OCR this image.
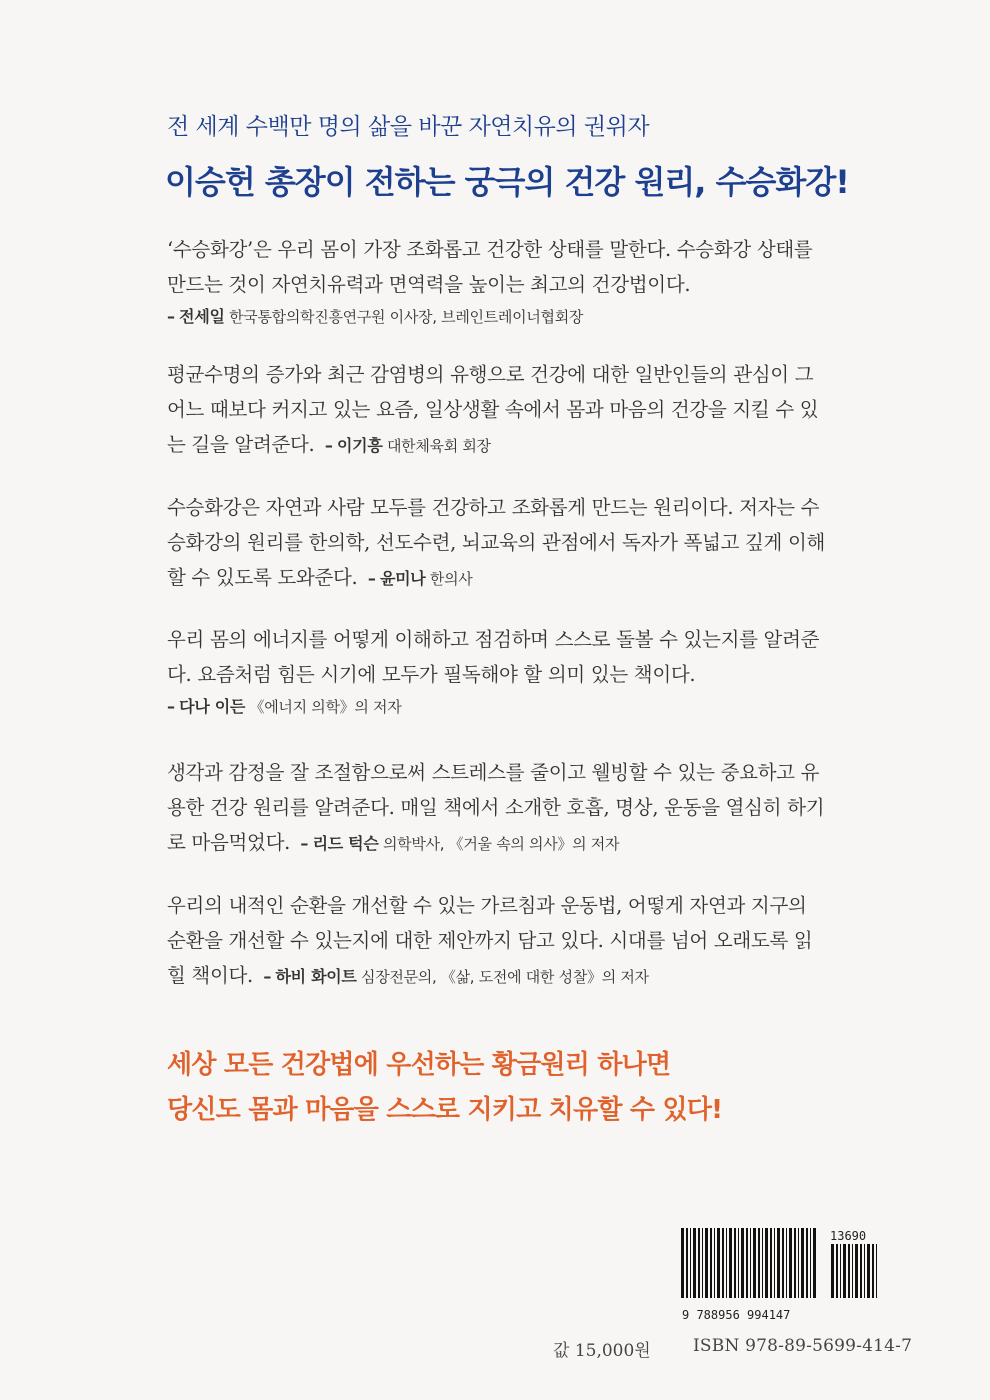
전 세계 수백만 명의 삶을 바꾼 자연치유의 권위자
이승헌 총장이 전하는 궁극의 건강 원리, 수승화강!
‘수승화강’은 우리 몸이 가장 조화롭고 건강한 상태를 말한다. 수승화강 상태를
만드는 것이 자연치유력과 면역력을 높이는 최고의 건강법이다.
– 전세일 한국통합의학진흥연구원 이사장, 브레인트레이너협회장
평균수명의 증가와 최근 감염병의 유행으로 건강에 대한 일반인들의 관심이 그
어느 때보다 커지고 있는 요즘, 일상생활 속에서 몸과 마음의 건강을 지킬 수 있
는 길을 알려준다. – 이기흥 대한체육회 회장
수승화강은 자연과 사람 모두를 건강하고 조화롭게 만드는 원리이다. 저자는 수
승화강의 원리를 한의학, 선도수련, 뇌교육의 관점에서 독자가 폭넓고 깊게 이해
할 수 있도록 도와준다. – 윤미나 한의사
우리 몸의 에너지를 어떻게 이해하고 점검하며 스스로 돌볼 수 있는지를 알려준
다. 요즘처럼 힘든 시기에 모두가 필독해야 할 의미 있는 책이다.
– 다나 이든 《에너지 의학》의 저자
생각과 감정을 잘 조절함으로써 스트레스를 줄이고 웰빙할 수 있는 중요하고 유
용한 건강 원리를 알려준다. 매일 책에서 소개한 호흡, 명상, 운동을 열심히 하기
로 마음먹었다. – 리드 턱슨 의학박사, 《거울 속의 의사》의 저자
우리의 내적인 순환을 개선할 수 있는 가르침과 운동법, 어떻게 자연과 지구의
순환을 개선할 수 있는지에 대한 제안까지 담고 있다. 시대를 넘어 오래도록 읽
힐 책이다. – 하비 화이트 심장전문의, 《삶, 도전에 대한 성찰》의 저자
세상 모든 건강법에 우선하는 황금원리 하나면
당신도 몸과 마음을 스스로 지키고 치유할 수 있다!
13690
9 788956 994147
값 15,000원 ISBN 978-89-5699-414-7
